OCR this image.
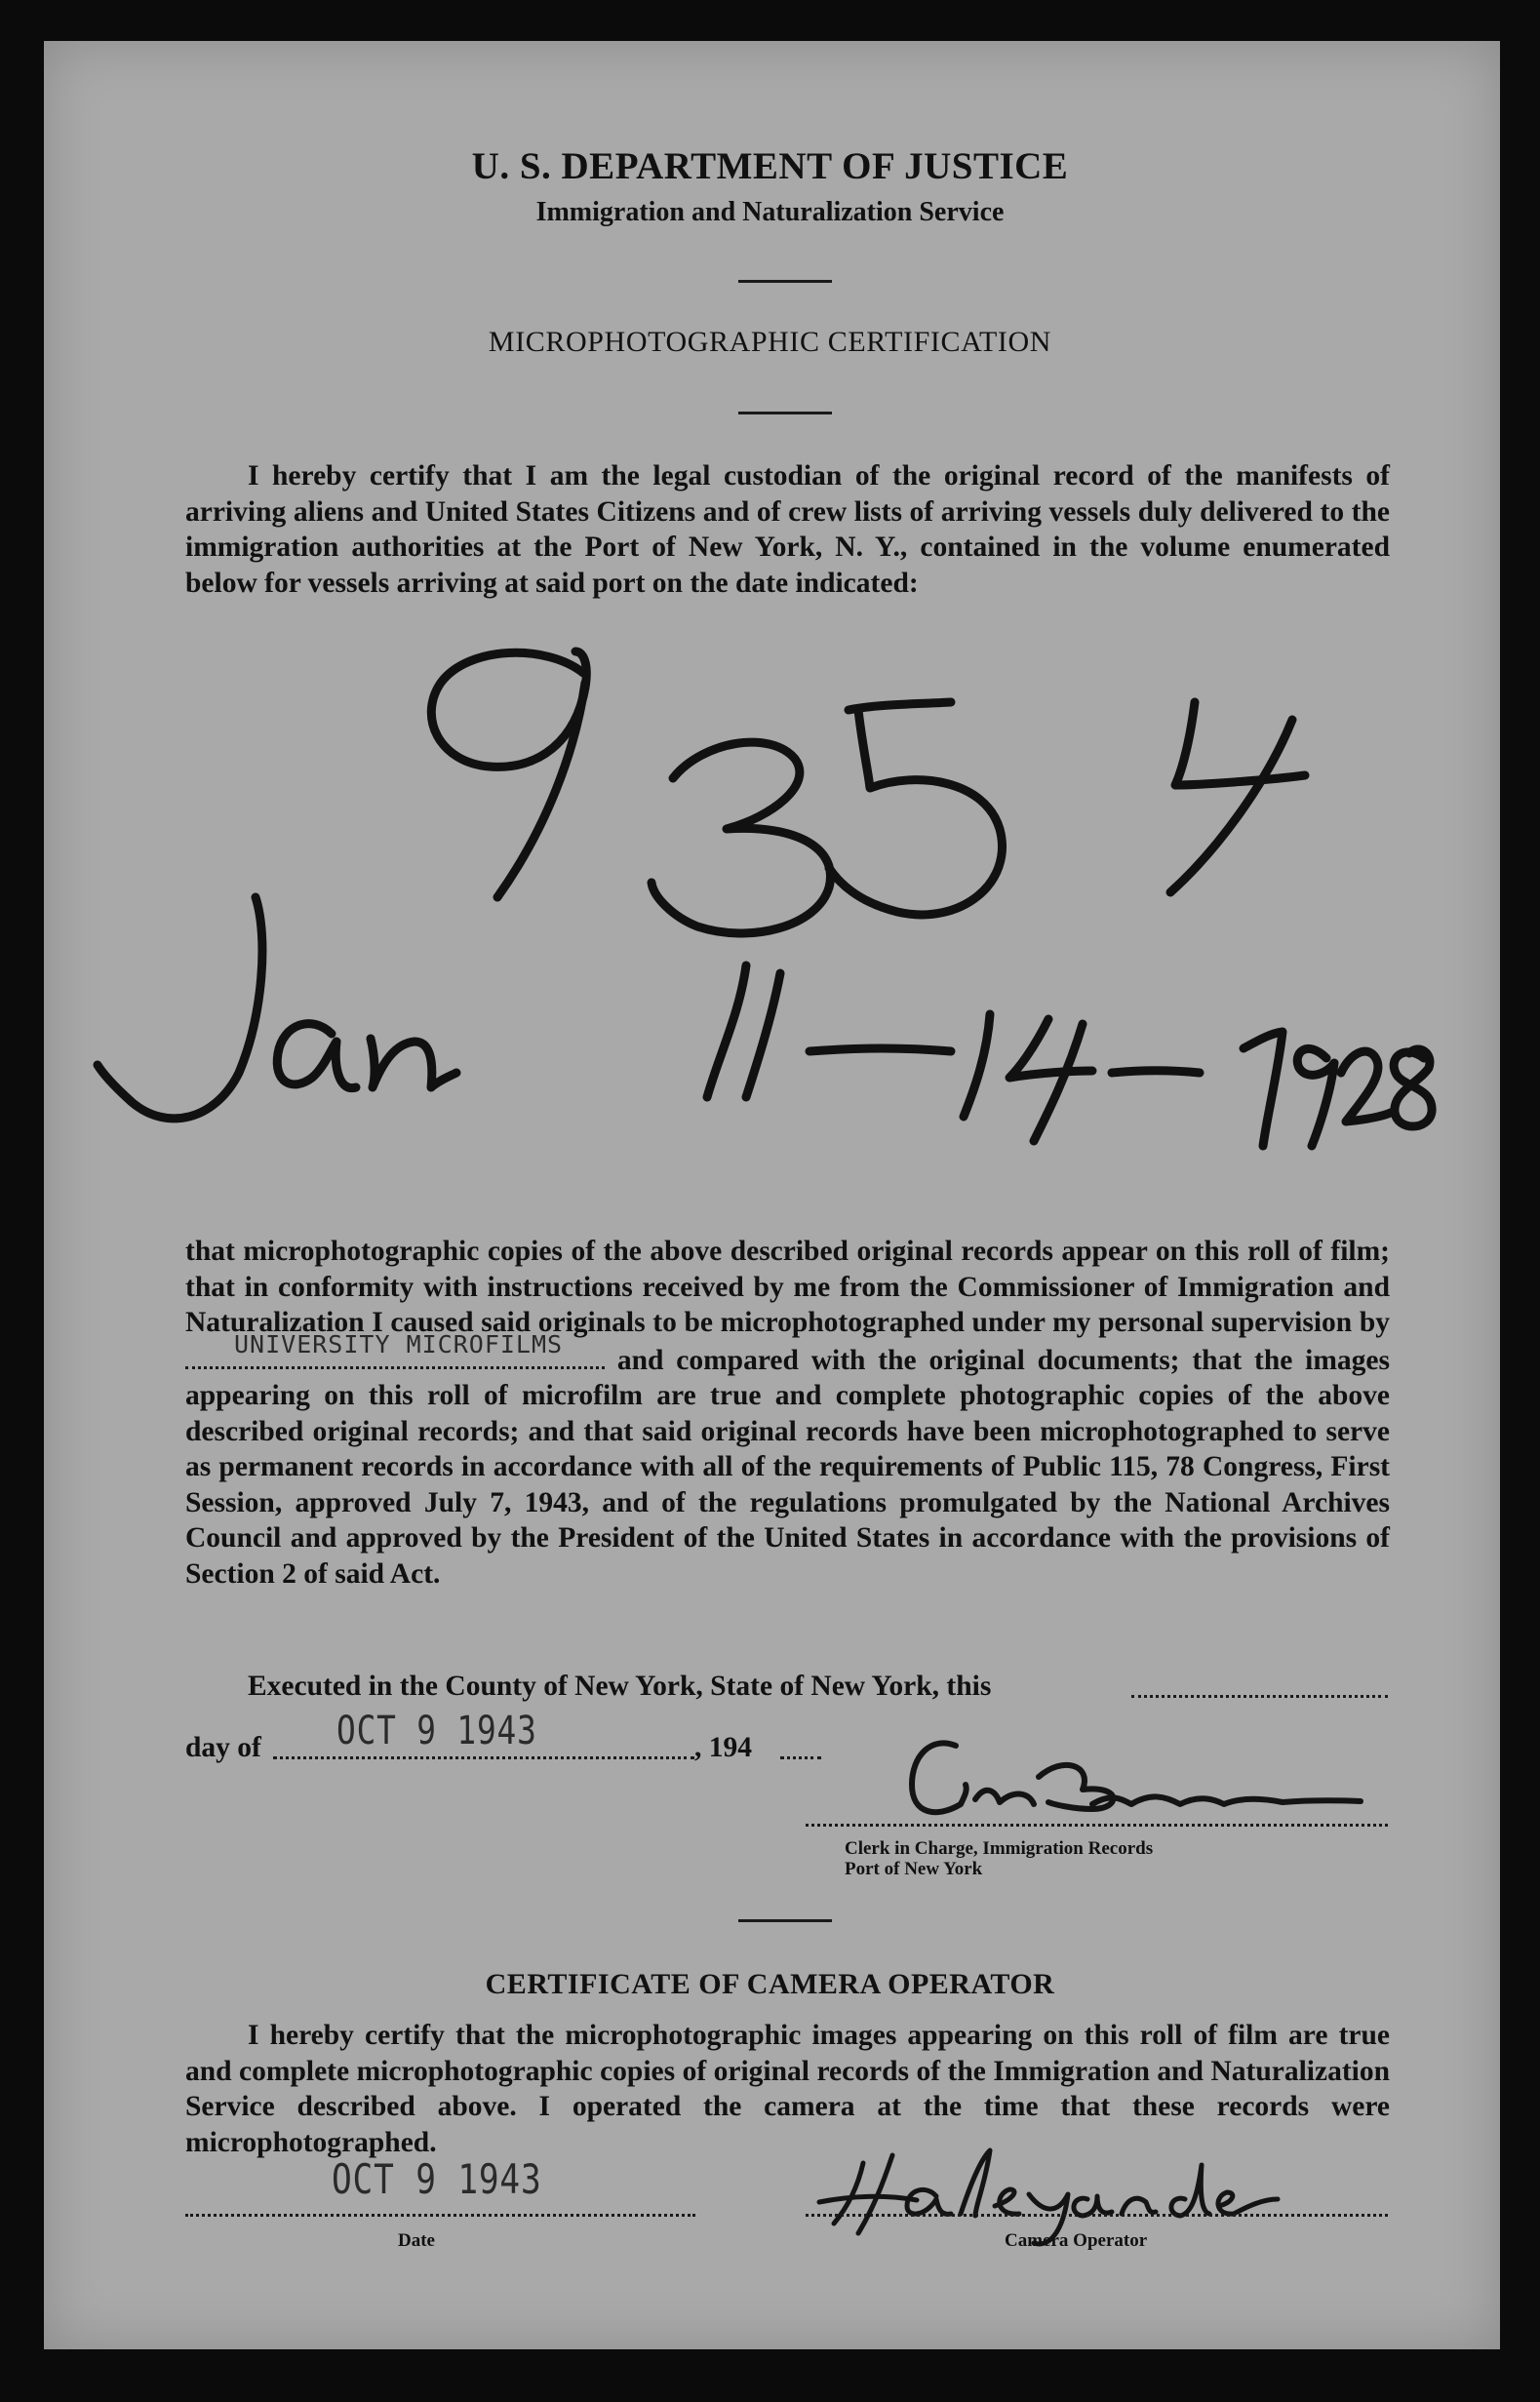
U. S. DEPARTMENT OF JUSTICE
Immigration and Naturalization Service
MICROPHOTOGRAPHIC CERTIFICATION
I hereby certify that I am the legal custodian of the original record of the manifests of arriving aliens and United States Citizens and of crew lists of arriving vessels duly delivered to the immigration authorities at the Port of New York, N. Y., contained in the volume enumerated below for vessels arriving at said port on the date indicated:
that microphotographic copies of the above described original records appear on this roll of film; that in conformity with instructions received by me from the Commissioner of Immigration and Naturalization I caused said originals to be microphotographed under my personal supervision by
UNIVERSITY MICROFILMS
and compared with the original documents; that the images appearing on this roll of microfilm are true and complete photographic copies of the above described original records; and that said original records have been microphotographed to serve as permanent records in accordance with all of the requirements of Public 115, 78 Congress, First Session, approved July 7, 1943, and of the regulations promulgated by the National Archives Council and approved by the President of the United States in accordance with the provisions of Section 2 of said Act.
Executed in the County of New York, State of New York, this
day of OCT 9 1943	, 194
Clerk in Charge, Immigration Records
Port of New York
CERTIFICATE OF CAMERA OPERATOR
I hereby certify that the microphotographic images appearing on this roll of film are true and complete microphotographic copies of original records of the Immigration and Naturalization Service described above. I operated the camera at the time that these records were microphotographed.
OCT 9 1943
Date	Camera Operator
